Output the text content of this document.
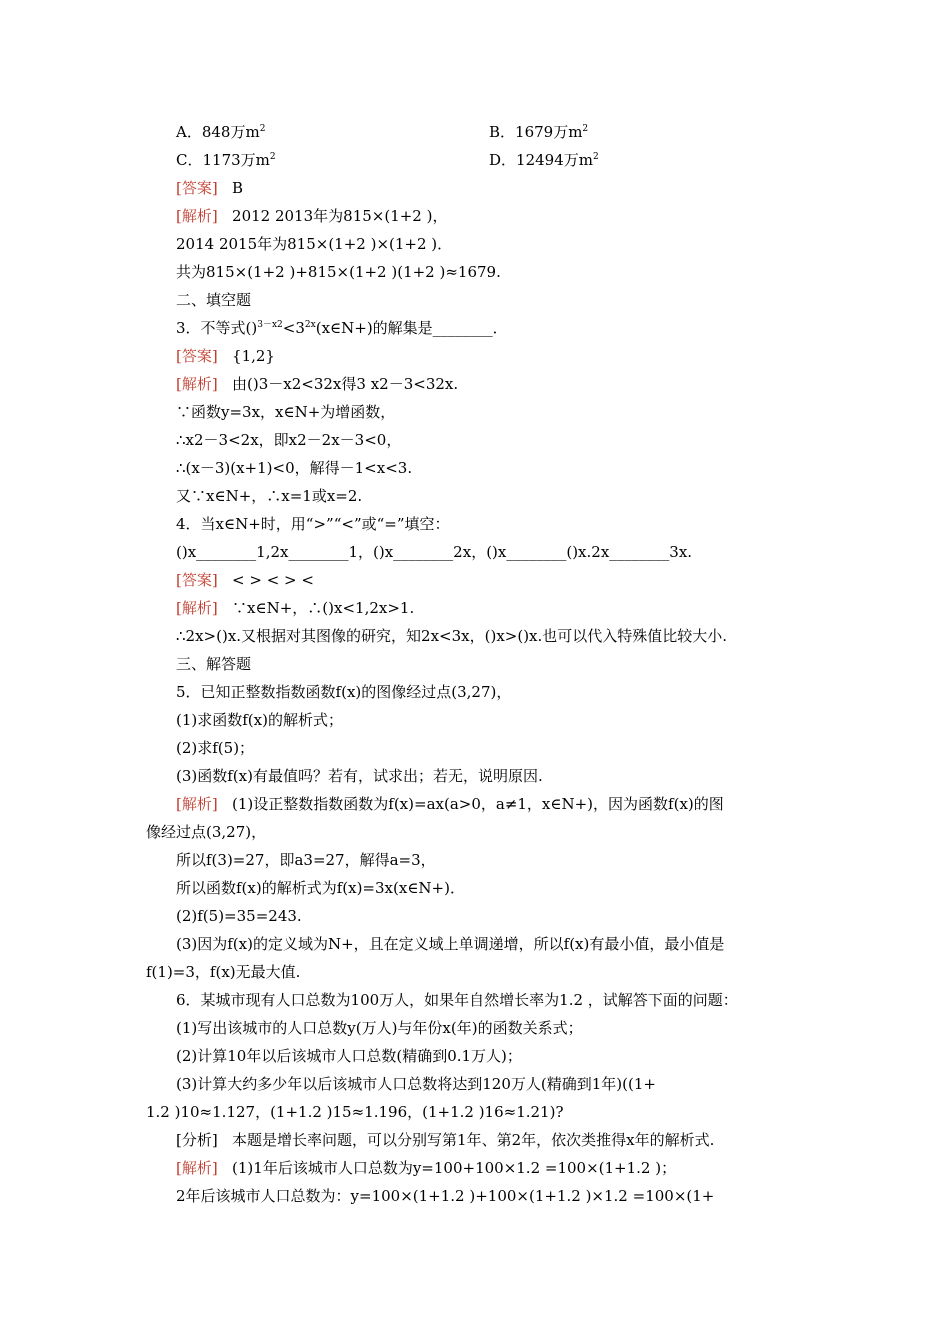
A．848万$m^2$	B．1679万$m^2$
C．1173万$m^2$	D．12494万$m^2$
[答案] B
[解析] 2012 2013年为815×(1+2 )，
2014 2015年为815×(1+2 )×(1+2 )．
共为815×(1+2 )+815×(1+2 )(1+2 )≈1679.
二、填空题
3．不等式$()^{3-x2}<3^{2x}(x\in N+)$的解集是________．
[答案] {1,2}
[解析] 由()3－x2<32x得3 x2－3<32x.
∵函数y=3x，x∈N+为增函数，
∴x2－3<2x，即x2－2x－3<0，
∴(x－3)(x+1)<0，解得－1<x<3.
又∵x∈N+，∴x=1或x=2.
4．当x∈N+时，用“>”“<”或“=”填空：
()x________1,2x________1，()x________2x，()x________()x.2x________3x.
[答案] < > < > <
[解析] ∵x∈N+，∴()x<1,2x>1.
∴2x>()x.又根据对其图像的研究，知2x<3x，()x>()x.也可以代入特殊值比较大小.
三、解答题
5．已知正整数指数函数f(x)的图像经过点(3,27)，
(1)求函数f(x)的解析式；
(2)求f(5)；
(3)函数f(x)有最值吗？若有，试求出；若无，说明原因.
[解析] (1)设正整数指数函数为f(x)=ax(a>0，a≠1，x∈N+)，因为函数f(x)的图
像经过点(3,27)，
所以f(3)=27，即a3=27，解得a=3，
所以函数f(x)的解析式为f(x)=3x(x∈N+)．
(2)f(5)=35=243.
(3)因为f(x)的定义域为N+，且在定义域上单调递增，所以f(x)有最小值，最小值是
f(1)=3，f(x)无最大值.
6．某城市现有人口总数为100万人，如果年自然增长率为1.2 ，试解答下面的问题：
(1)写出该城市的人口总数y(万人)与年份x(年)的函数关系式；
(2)计算10年以后该城市人口总数(精确到0.1万人)；
(3)计算大约多少年以后该城市人口总数将达到120万人(精确到1年)((1+
1.2 )10≈1.127，(1+1.2 )15≈1.196，(1+1.2 )16≈1.21)?
[分析] 本题是增长率问题，可以分别写第1年、第2年，依次类推得x年的解析式.
[解析] (1)1年后该城市人口总数为y=100+100×1.2 =100×(1+1.2 )；
2年后该城市人口总数为：y=100×(1+1.2 )+100×(1+1.2 )×1.2 =100×(1+
